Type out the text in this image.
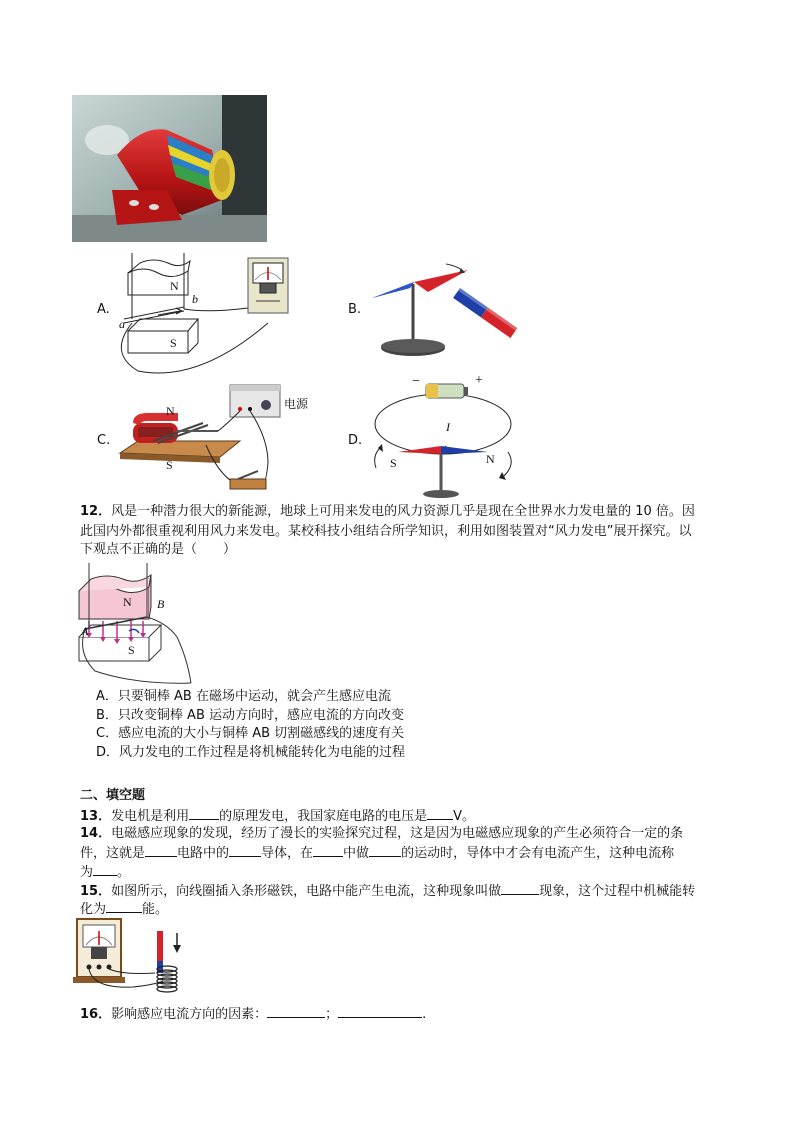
A.
N
S
b
a
B.
C.
N
S
电源
D.
−	+
I
S	N
12．风是一种潜力很大的新能源，地球上可用来发电的风力资源几乎是现在全世界水力发电量的 10 倍。因
此国内外都很重视利用风力来发电。某校科技小组结合所学知识，利用如图装置对“风力发电”展开探究。以
下观点不正确的是（　　）
N
S
A
B
A．只要铜棒 AB 在磁场中运动，就会产生感应电流
B．只改变铜棒 AB 运动方向时，感应电流的方向改变
C．感应电流的大小与铜棒 AB 切割磁感线的速度有关
D．风力发电的工作过程是将机械能转化为电能的过程
二、填空题
13．发电机是利用 的原理发电，我国家庭电路的电压是 V。
14．电磁感应现象的发现，经历了漫长的实验探究过程，这是因为电磁感应现象的产生必须符合一定的条
件，这就是 电路中的 导体，在 中做 的运动时，导体中才会有电流产生，这种电流称
为 。
15．如图所示，向线圈插入条形磁铁，电路中能产生电流，这种现象叫做	现象，这个过程中机械能转
化为	能。
16．影响感应电流方向的因素：	；	.
